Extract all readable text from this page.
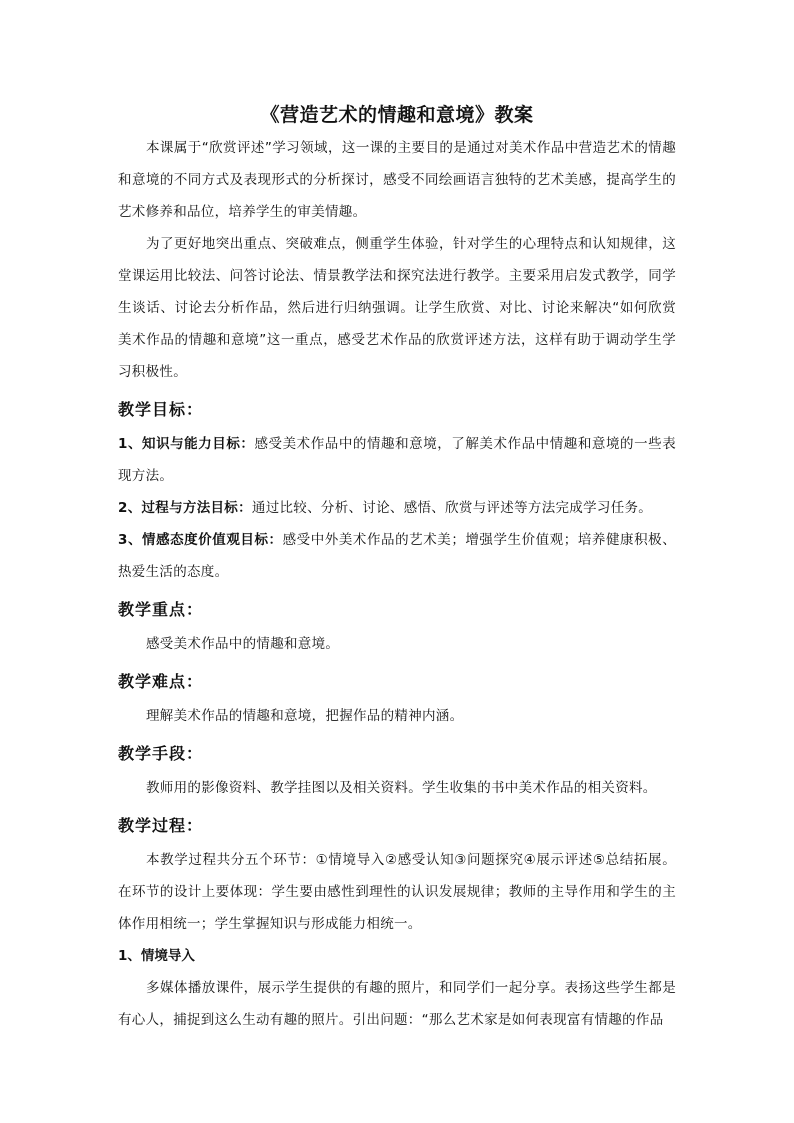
《营造艺术的情趣和意境》教案

本课属于“欣赏评述”学习领域，这一课的主要目的是通过对美术作品中营造艺术的情趣和意境的不同方式及表现形式的分析探讨，感受不同绘画语言独特的艺术美感，提高学生的艺术修养和品位，培养学生的审美情趣。

为了更好地突出重点、突破难点，侧重学生体验，针对学生的心理特点和认知规律，这堂课运用比较法、问答讨论法、情景教学法和探究法进行教学。主要采用启发式教学，同学生谈话、讨论去分析作品，然后进行归纳强调。让学生欣赏、对比、讨论来解决“如何欣赏美术作品的情趣和意境”这一重点，感受艺术作品的欣赏评述方法，这样有助于调动学生学习积极性。

教学目标：

1、知识与能力目标：感受美术作品中的情趣和意境，了解美术作品中情趣和意境的一些表现方法。

2、过程与方法目标：通过比较、分析、讨论、感悟、欣赏与评述等方法完成学习任务。

3、情感态度价值观目标：感受中外美术作品的艺术美；增强学生价值观；培养健康积极、热爱生活的态度。

教学重点：

感受美术作品中的情趣和意境。

教学难点：

理解美术作品的情趣和意境，把握作品的精神内涵。

教学手段：

教师用的影像资料、教学挂图以及相关资料。学生收集的书中美术作品的相关资料。

教学过程：

本教学过程共分五个环节：①情境导入②感受认知③问题探究④展示评述⑤总结拓展。在环节的设计上要体现：学生要由感性到理性的认识发展规律；教师的主导作用和学生的主体作用相统一；学生掌握知识与形成能力相统一。

1、情境导入

多媒体播放课件，展示学生提供的有趣的照片，和同学们一起分享。表扬这些学生都是有心人，捕捉到这么生动有趣的照片。引出问题：“那么艺术家是如何表现富有情趣的作品
